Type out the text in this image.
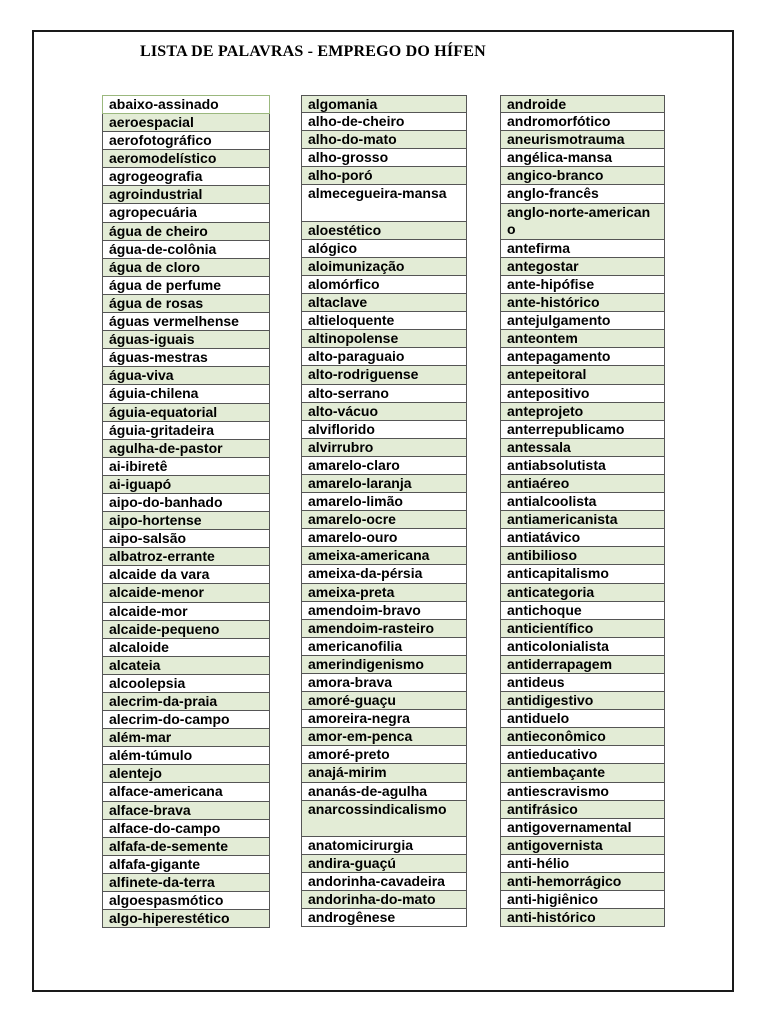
LISTA DE PALAVRAS - EMPREGO DO HÍFEN
abaixo-assinado
aeroespacial
aerofotográfico
aeromodelístico
agrogeografia
agroindustrial
agropecuária
água de cheiro
água-de-colônia
água de cloro
água de perfume
água de rosas
águas vermelhense
águas-iguais
águas-mestras
água-viva
águia-chilena
águia-equatorial
águia-gritadeira
agulha-de-pastor
ai-ibiretê
ai-iguapó
aipo-do-banhado
aipo-hortense
aipo-salsão
albatroz-errante
alcaide da vara
alcaide-menor
alcaide-mor
alcaide-pequeno
alcaloide
alcateia
alcoolepsia
alecrim-da-praia
alecrim-do-campo
além-mar
além-túmulo
alentejo
alface-americana
alface-brava
alface-do-campo
alfafa-de-semente
alfafa-gigante
alfinete-da-terra
algoespasmótico
algo-hiperestético
algomania
alho-de-cheiro
alho-do-mato
alho-grosso
alho-poró
almecegueira-mansa
aloestético
alógico
aloimunização
alomórfico
altaclave
altieloquente
altinopolense
alto-paraguaio
alto-rodriguense
alto-serrano
alto-vácuo
alviflorido
alvirrubro
amarelo-claro
amarelo-laranja
amarelo-limão
amarelo-ocre
amarelo-ouro
ameixa-americana
ameixa-da-pérsia
ameixa-preta
amendoim-bravo
amendoim-rasteiro
americanofilia
amerindigenismo
amora-brava
amoré-guaçu
amoreira-negra
amor-em-penca
amoré-preto
anajá-mirim
ananás-de-agulha
anarcossindicalismo
anatomicirurgia
andira-guaçú
andorinha-cavadeira
andorinha-do-mato
androgênese
androide
andromorfótico
aneurismotrauma
angélica-mansa
angico-branco
anglo-francês
anglo-norte-americano
antefirma
antegostar
ante-hipófise
ante-histórico
antejulgamento
anteontem
antepagamento
antepeitoral
antepositivo
anteprojeto
anterrepublicamo
antessala
antiabsolutista
antiaéreo
antialcoolista
antiamericanista
antiatávico
antibilioso
anticapitalismo
anticategoria
antichoque
anticientífico
anticolonialista
antiderrapagem
antideus
antidigestivo
antiduelo
antieconômico
antieducativo
antiembaçante
antiescravismo
antifrásico
antigovernamental
antigovernista
anti-hélio
anti-hemorrágico
anti-higiênico
anti-histórico
